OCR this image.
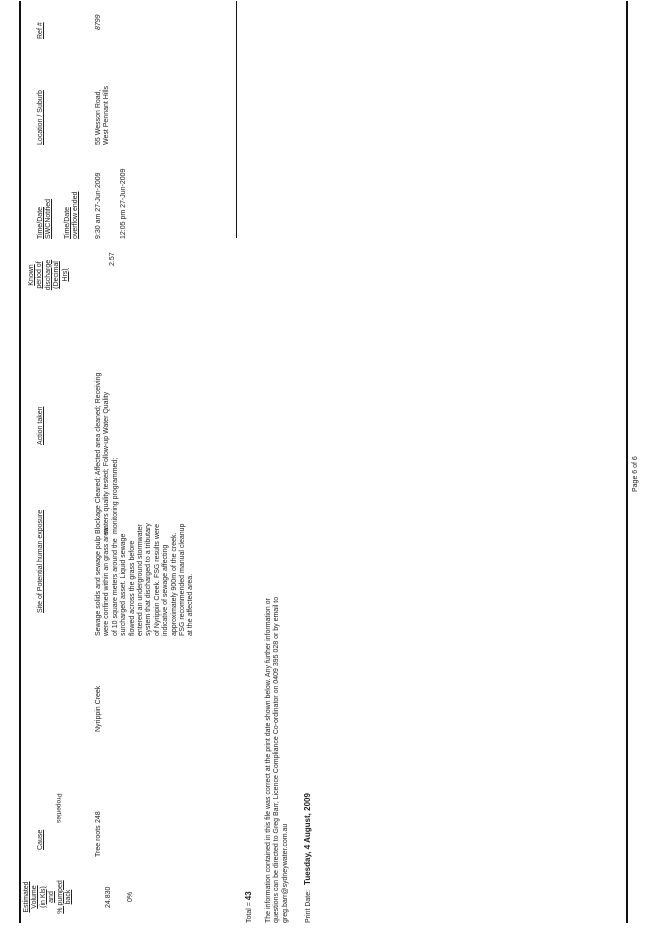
Ref #
Location / Suburb
Time/Date SWCNotified Time/Date overflow ended
Known period of discharge (Decimal Hrs)
Action taken
Site of Potential human exposure
Properties
Cause
Estimated Volume (in Kls) and % pumped back
8799
55 Wesson Road, West Pennant Hills
9:30 am 27-Jun-2009	12:05 pm 27-Jun-2009
2.57
Blockage Cleared; Affected area cleaned; Receiving waters quality tested; Follow-up Water Quality monitoring programmed;
Sewage solids and sewage pulp were confined within an grass area of 10 square meters around the surcharged asset. Liquid sewage flowed across the grass before entered an underground stormwater system that discharged to a tributary of Nyrippin Creek. FSG results were indicative of sewage affecting approximately 900m of the creek. FSG recommended manual cleanup at the affected area.
Nyrippin Creek
248
Tree roots
24.830 0%
Total = 43 The information contained in this file was correct at the print date shown below. Any further information or questions can be directed to Greg Barr, Licence Compliance Co-ordinator on 0409 395 028 or by email to greg.barr@sydneywater.com.au Print Date: Tuesday, 4 August, 2009
Page 6 of 6
